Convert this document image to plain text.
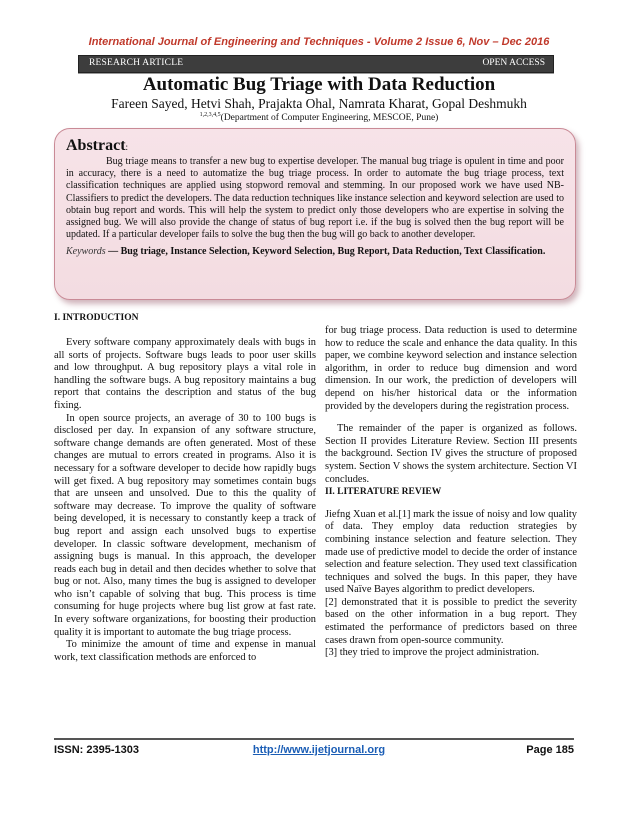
International Journal of Engineering and Techniques - Volume 2 Issue 6, Nov – Dec 2016
RESEARCH ARTICLE	OPEN ACCESS
Automatic Bug Triage with Data Reduction
Fareen Sayed, Hetvi Shah, Prajakta Ohal, Namrata Kharat, Gopal Deshmukh
$^{1,2,3,4,5}$(Department of Computer Engineering, MESCOE, Pune)
Abstract:
Bug triage means to transfer a new bug to expertise developer. The manual bug triage is opulent in time and poor in accuracy, there is a need to automatize the bug triage process. In order to automate the bug triage process, text classification techniques are applied using stopword removal and stemming. In our proposed work we have used NB-Classifiers to predict the developers. The data reduction techniques like instance selection and keyword selection are used to obtain bug report and words. This will help the system to predict only those developers who are expertise in solving the assigned bug. We will also provide the change of status of bug report i.e. if the bug is solved then the bug report will be updated. If a particular developer fails to solve the bug then the bug will go back to another developer.
Keywords — Bug triage, Instance Selection, Keyword Selection, Bug Report, Data Reduction, Text Classification.
I. INTRODUCTION

Every software company approximately deals with bugs in all sorts of projects. Software bugs leads to poor user skills and low throughput. A bug repository plays a vital role in handling the software bugs. A bug repository maintains a bug report that contains the description and status of the bug fixing.

In open source projects, an average of 30 to 100 bugs is disclosed per day. In expansion of any software structure, software change demands are often generated. Most of these changes are mutual to errors created in programs. Also it is necessary for a software developer to decide how rapidly bugs will get fixed. A bug repository may sometimes contain bugs that are unseen and unsolved. Due to this the quality of software may decrease. To improve the quality of software being developed, it is necessary to constantly keep a track of bug report and assign each unsolved bugs to expertise developer. In classic software development, mechanism of assigning bugs is manual. In this approach, the developer reads each bug in detail and then decides whether to solve that bug or not. Also, many times the bug is assigned to developer who isn’t capable of solving that bug. This process is time consuming for huge projects where bug list grow at fast rate. In every software organizations, for boosting their production quality it is important to automate the bug triage process.

To minimize the amount of time and expense in manual work, text classification methods are enforced to

for bug triage process. Data reduction is used to determine how to reduce the scale and enhance the data quality. In this paper, we combine keyword selection and instance selection algorithm, in order to reduce bug dimension and word dimension. In our work, the prediction of developers will depend on his/her historical data or the information provided by the developers during the registration process.

The remainder of the paper is organized as follows. Section II provides Literature Review. Section III presents the background. Section IV gives the structure of proposed system. Section V shows the system architecture. Section VI concludes.

II. LITERATURE REVIEW

Jiefng Xuan et al.[1] mark the issue of noisy and low quality of data. They employ data reduction strategies by combining instance selection and feature selection. They made use of predictive model to decide the order of instance selection and feature selection. They used text classification techniques and solved the bugs. In this paper, they have used Naïve Bayes algorithm to predict developers.

[2] demonstrated that it is possible to predict the severity based on the other information in a bug report. They estimated the performance of predictors based on three cases drawn from open-source community.

[3] they tried to improve the project administration.

ISSN: 2395-1303	http://www.ijetjournal.org	Page 185
